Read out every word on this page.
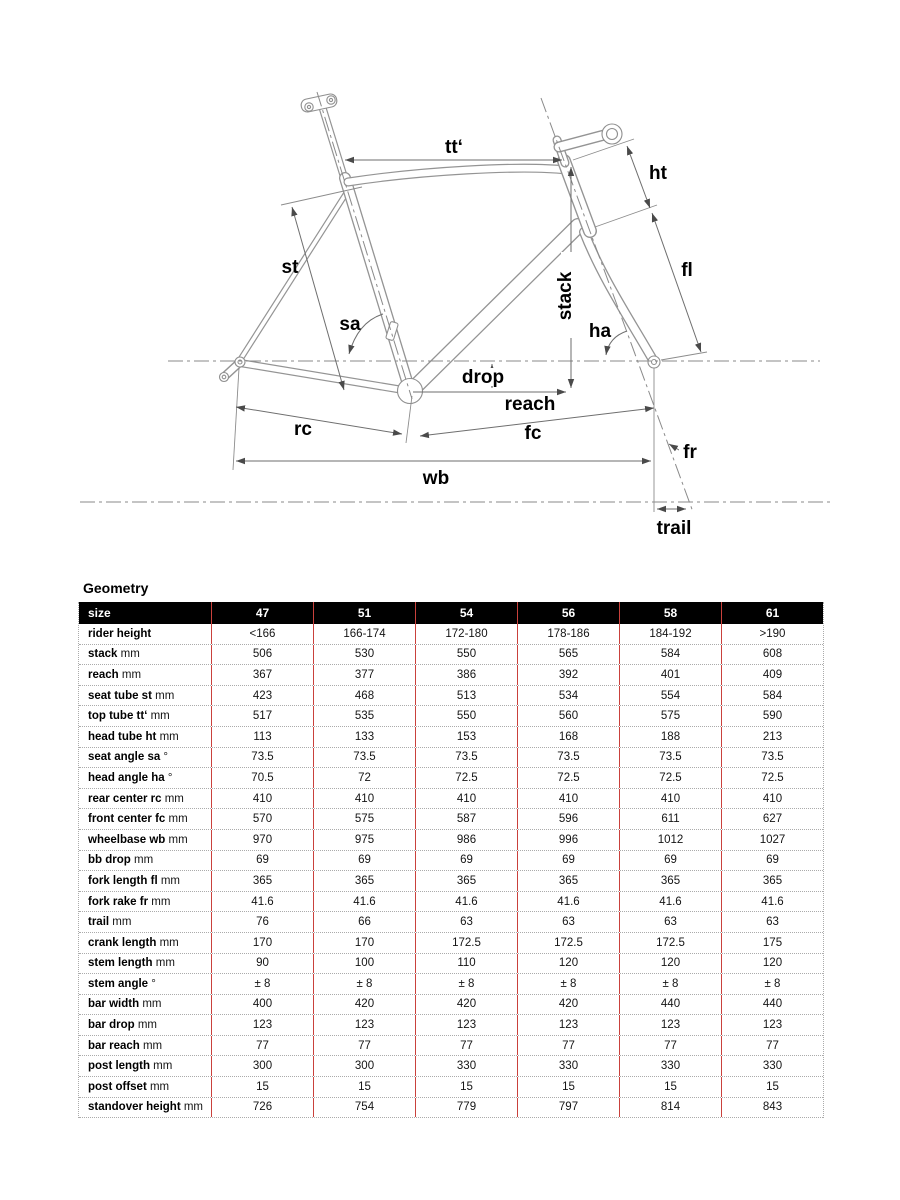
tt‘
ht
fl
st
stack
sa	ha
drop
reach
rc	fc
wb
fr
trail
Geometry
size	47	51	54	56	58	61
rider height	<166	166-174	172-180	178-186	184-192	>190
stack mm	506	530	550	565	584	608
reach mm	367	377	386	392	401	409
seat tube st mm	423	468	513	534	554	584
top tube tt‘ mm	517	535	550	560	575	590
head tube ht mm	113	133	153	168	188	213
seat angle sa °	73.5	73.5	73.5	73.5	73.5	73.5
head angle ha °	70.5	72	72.5	72.5	72.5	72.5
rear center rc mm	410	410	410	410	410	410
front center fc mm	570	575	587	596	611	627
wheelbase wb mm	970	975	986	996	1012	1027
bb drop mm	69	69	69	69	69	69
fork length fl mm	365	365	365	365	365	365
fork rake fr mm	41.6	41.6	41.6	41.6	41.6	41.6
trail mm	76	66	63	63	63	63
crank length mm	170	170	172.5	172.5	172.5	175
stem length mm	90	100	110	120	120	120
stem angle °	± 8	± 8	± 8	± 8	± 8	± 8
bar width mm	400	420	420	420	440	440
bar drop mm	123	123	123	123	123	123
bar reach mm	77	77	77	77	77	77
post length mm	300	300	330	330	330	330
post offset mm	15	15	15	15	15	15
standover height mm	726	754	779	797	814	843
